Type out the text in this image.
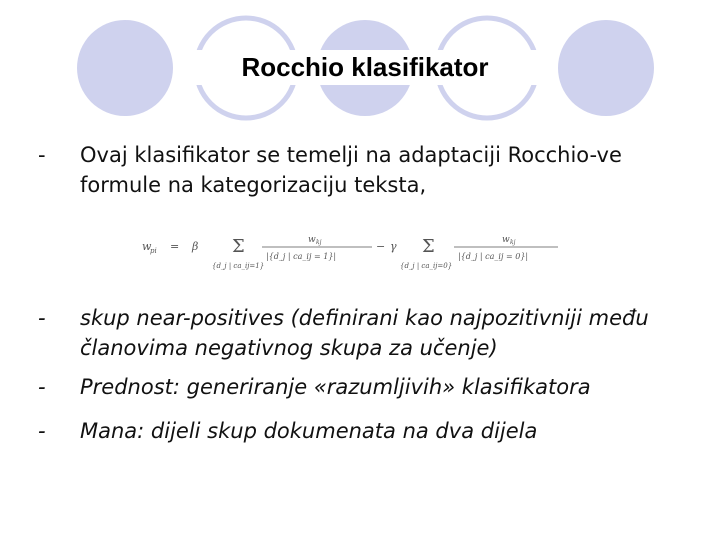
Rocchio klasifikator
-	Ovaj klasifikator se temelji na adaptaciji Rocchio-ve formule na kategorizaciju teksta,
w
pi = β Σ
{d_j | ca_ij=1}
w kj
|{d_j | ca_ij = 1}|
− γ Σ
{d_j | ca_ij=0}
w kj
|{d_j | ca_ij = 0}|
-	skup near-positives (definirani kao najpozitivniji među članovima negativnog skupa za učenje)
-	Prednost: generiranje «razumljivih» klasifikatora
-	Mana: dijeli skup dokumenata na dva dijela
